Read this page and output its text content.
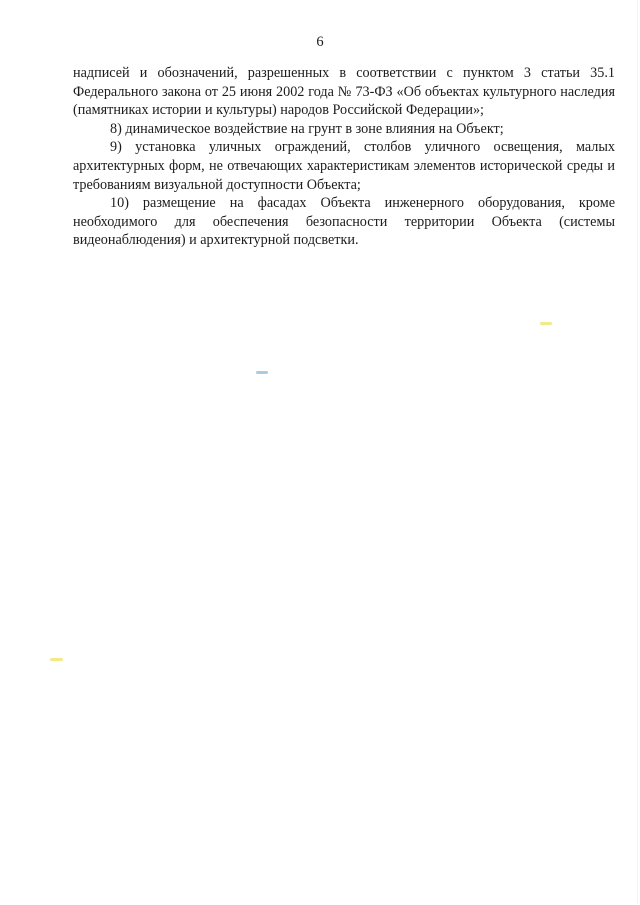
6

надписей и обозначений, разрешенных в соответствии с пунктом 3 статьи 35.1 Федерального закона от 25 июня 2002 года № 73-ФЗ «Об объектах культурного наследия (памятниках истории и культуры) народов Российской Федерации»;

8) динамическое воздействие на грунт в зоне влияния на Объект;

9) установка уличных ограждений, столбов уличного освещения, малых архитектурных форм, не отвечающих характеристикам элементов исторической среды и требованиям визуальной доступности Объекта;

10) размещение на фасадах Объекта инженерного оборудования, кроме необходимого для обеспечения безопасности территории Объекта (системы видеонаблюдения) и архитектурной подсветки.
